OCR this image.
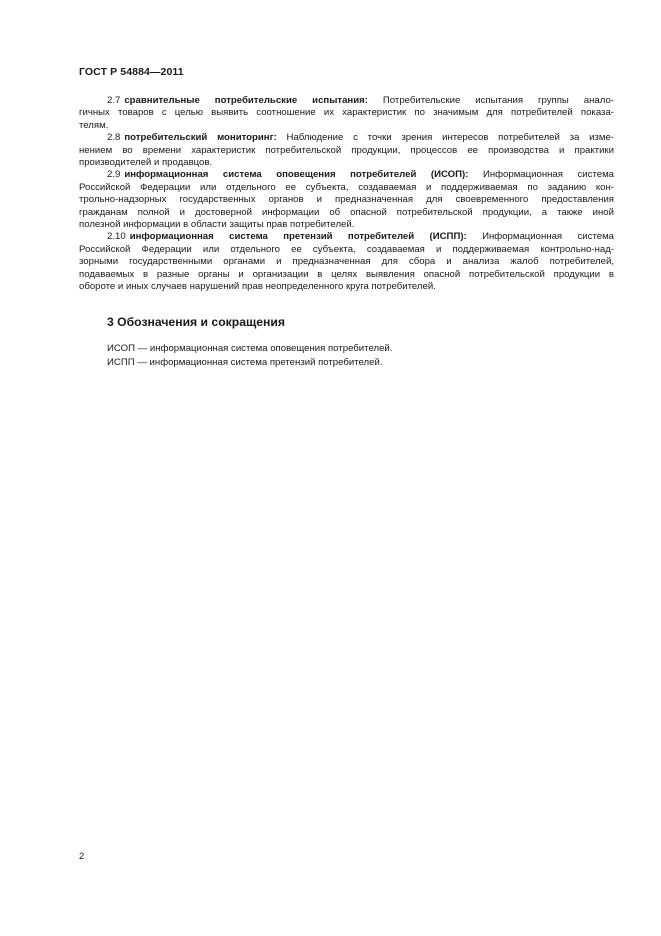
ГОСТ Р 54884—2011

2.7 сравнительные потребительские испытания: Потребительские испытания группы анало-
гичных товаров с целью выявить соотношение их характеристик по значимым для потребителей показа-
телям.

2.8 потребительский мониторинг: Наблюдение с точки зрения интересов потребителей за изме-
нением во времени характеристик потребительской продукции, процессов ее производства и практики
производителей и продавцов.

2.9 информационная система оповещения потребителей (ИСОП): Информационная система
Российской Федерации или отдельного ее субъекта, создаваемая и поддерживаемая по заданию кон-
трольно-надзорных государственных органов и предназначенная для своевременного предоставления
гражданам полной и достоверной информации об опасной потребительской продукции, а также иной
полезной информации в области защиты прав потребителей.

2.10 информационная система претензий потребителей (ИСПП): Информационная система
Российской Федерации или отдельного ее субъекта, создаваемая и поддерживаемая контрольно-над-
зорными государственными органами и предназначенная для сбора и анализа жалоб потребителей,
подаваемых в разные органы и организации в целях выявления опасной потребительской продукции в
обороте и иных случаев нарушений прав неопределенного круга потребителей.

3 Обозначения и сокращения
ИСОП — информационная система оповещения потребителей.
ИСПП — информационная система претензий потребителей.
2
